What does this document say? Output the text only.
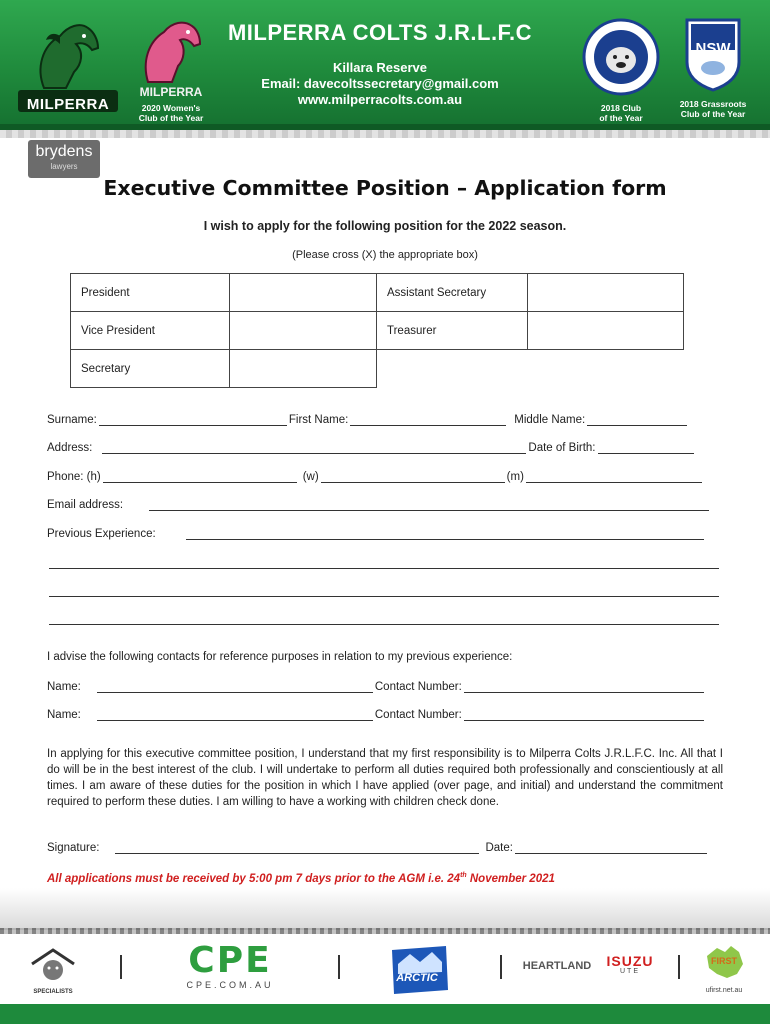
MILPERRA
MILPERRA
2020 Women's
Club of the Year
MILPERRA COLTS J.R.L.F.C
Killara Reserve
Email: davecoltssecretary@gmail.com
www.milperracolts.com.au
2018 Club
of the Year
NSW
RUGBY LEAGUE
2018 Grassroots
Club of the Year
brydens
lawyers
Executive Committee Position – Application form
I wish to apply for the following position for the 2022 season.
(Please cross (X) the appropriate box)
President		Assistant Secretary	
Vice President		Treasurer	
Secretary			
Surname:	First Name:	Middle Name:
Address:	Date of Birth:
Phone: (h)	(w)	(m)
Email address:
Previous Experience:
I advise the following contacts for reference purposes in relation to my previous experience:
Name:	Contact Number:
Name:	Contact Number:
In applying for this executive committee position, I understand that my first responsibility is to Milperra Colts J.R.L.F.C. Inc. All that I do will be in the best interest of the club. I will undertake to perform all duties required both professionally and conscientiously at all times. I am aware of these duties for the position in which I have applied (over page, and initial) and understand the commitment required to perform these duties. I am willing to have a working with children check done.
Signature:	Date:
All applications must be received by 5:00 pm 7 days prior to the AGM i.e. 24th November 2021
SPECIALISTS
CPE
CPE.COM.AU
ARCTIC
HEARTLAND	ISUZU
UTE
FIRST
ufirst.net.au
